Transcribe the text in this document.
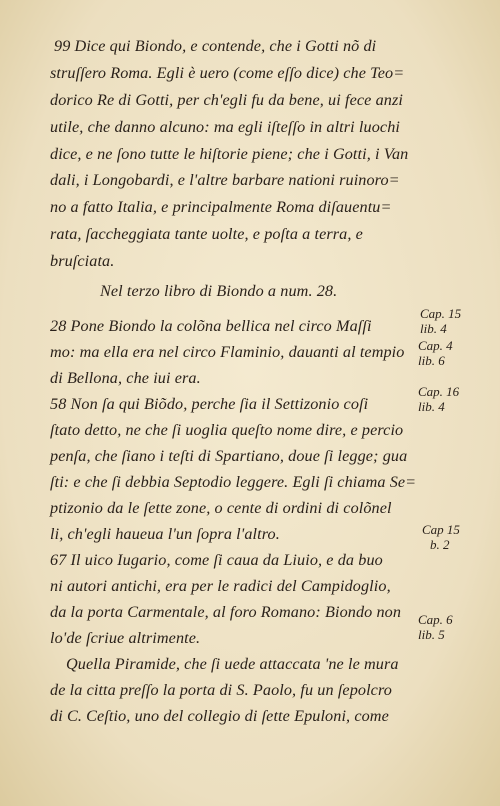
99 Dice qui Biondo, e contende, che i Gotti nõ di
struſſero Roma. Egli è uero (come eſſo dice) che Teo=
dorico Re di Gotti, per ch'egli fu da bene, ui fece anzi
utile, che danno alcuno: ma egli iſteſſo in altri luochi
dice, e ne ſono tutte le hiſtorie piene; che i Gotti, i Van
dali, i Longobardi, e l'altre barbare nationi ruinoro=
no a fatto Italia, e principalmente Roma diſauentu=
rata, ſaccheggiata tante uolte, e poſta a terra, e
bruſciata.
Nel terzo libro di Biondo a num. 28.
28 Pone Biondo la colõna bellica nel circo Maſſi
mo: ma ella era nel circo Flaminio, dauanti al tempio
di Bellona, che iui era.
58 Non ſa qui Biõdo, perche ſia il Settizonio coſi
ſtato detto, ne che ſi uoglia queſto nome dire, e percio
penſa, che ſiano i teſti di Spartiano, doue ſi legge; gua
ſti: e che ſi debbia Septodio leggere. Egli ſi chiama Se=
ptizonio da le ſette zone, o cente di ordini di colõnel
li, ch'egli haueua l'un ſopra l'altro.
67 Il uico Iugario, come ſi caua da Liuio, e da buo
ni autori antichi, era per le radici del Campidoglio,
da la porta Carmentale, al foro Romano: Biondo non
lo'de ſcriue altrimente.
Quella Piramide, che ſi uede attaccata 'ne le mura
de la citta preſſo la porta di S. Paolo, fu un ſepolcro
di C. Ceſtio, uno del collegio di ſette Epuloni, come
Cap. 15
lib. 4
Cap. 4
lib. 6
Cap. 16
lib. 4
Cap 15
b. 2
Cap. 6
lib. 5
